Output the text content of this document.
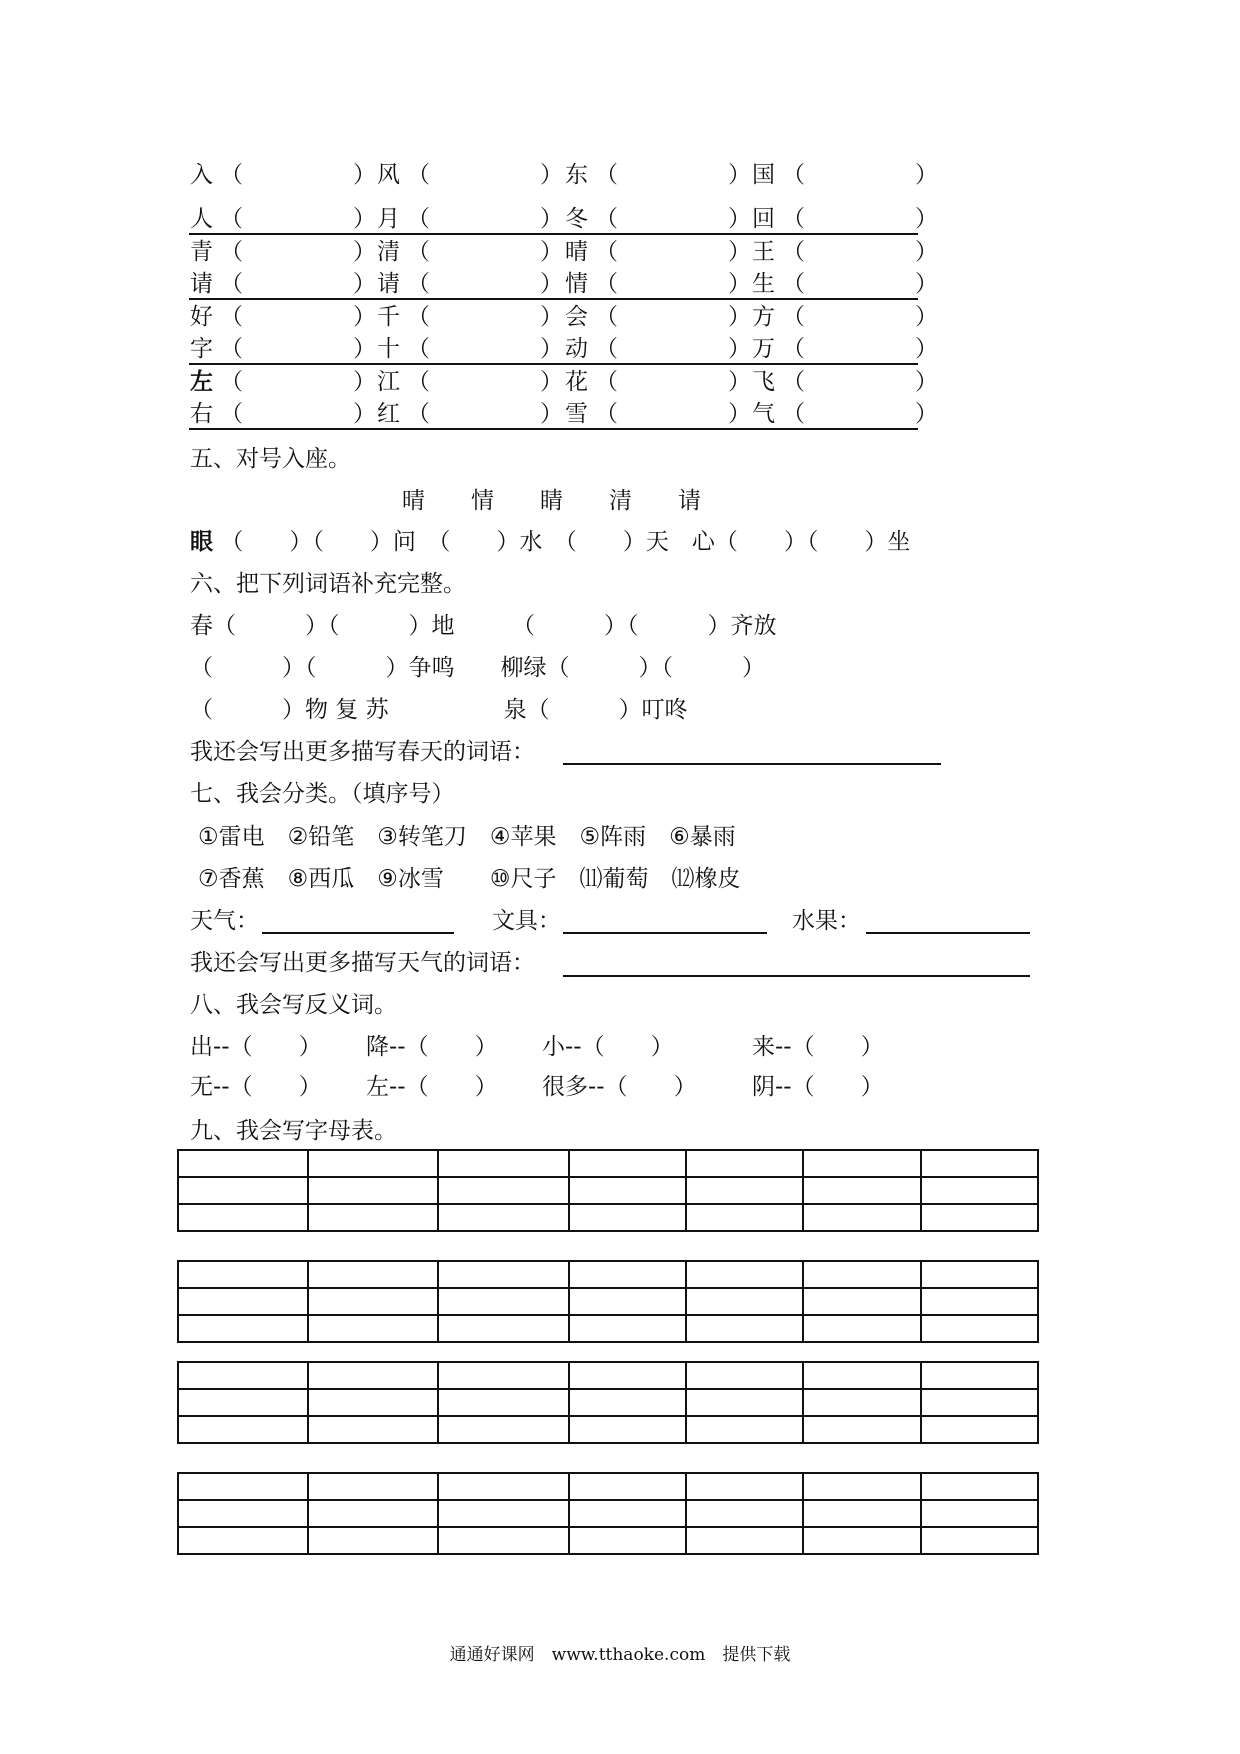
入 （	） 风 （	） 东 （	） 国 （	）
人 （	） 月 （	） 冬 （	） 回 （	）
青 （	） 清 （	） 晴 （	） 王 （	）
请 （	） 请 （	） 情 （	） 生 （	）
好 （	） 千 （	） 会 （	） 方 （	）
字 （	） 十 （	） 动 （	） 万 （	）
左 （	） 江 （	） 花 （	） 飞 （	）
右 （	） 红 （	） 雪 （	） 气 （	）
五、对号入座。
晴　　情　　睛　　清　　请
眼 （　　）（　　）问　（　　）水　（　　）天　心（　　）（　　）坐
六、把下列词语补充完整。
春（　　　）（　　　）地　　　（　　　）（　　　）齐放
（　　　）（　　　）争鸣　　柳绿（　　　）（　　　）
（　　　）物 复 苏　　　　　泉（　　　）叮咚
我还会写出更多描写春天的词语：
七、我会分类。（填序号）
①雷电　②铅笔　③转笔刀　④苹果　⑤阵雨　⑥暴雨
⑦香蕉　⑧西瓜　⑨冰雪　　⑩尺子　⑾葡萄　⑿橡皮
天气：	文具：	水果：
我还会写出更多描写天气的词语：
八、我会写反义词。
出--（　　） 降--（　　） 小--（　　）	来--（　　）
无--（　　） 左--（　　） 很多--（　　） 阴--（　　）
九、我会写字母表。

通通好课网　www.tthaoke.com　提供下载
